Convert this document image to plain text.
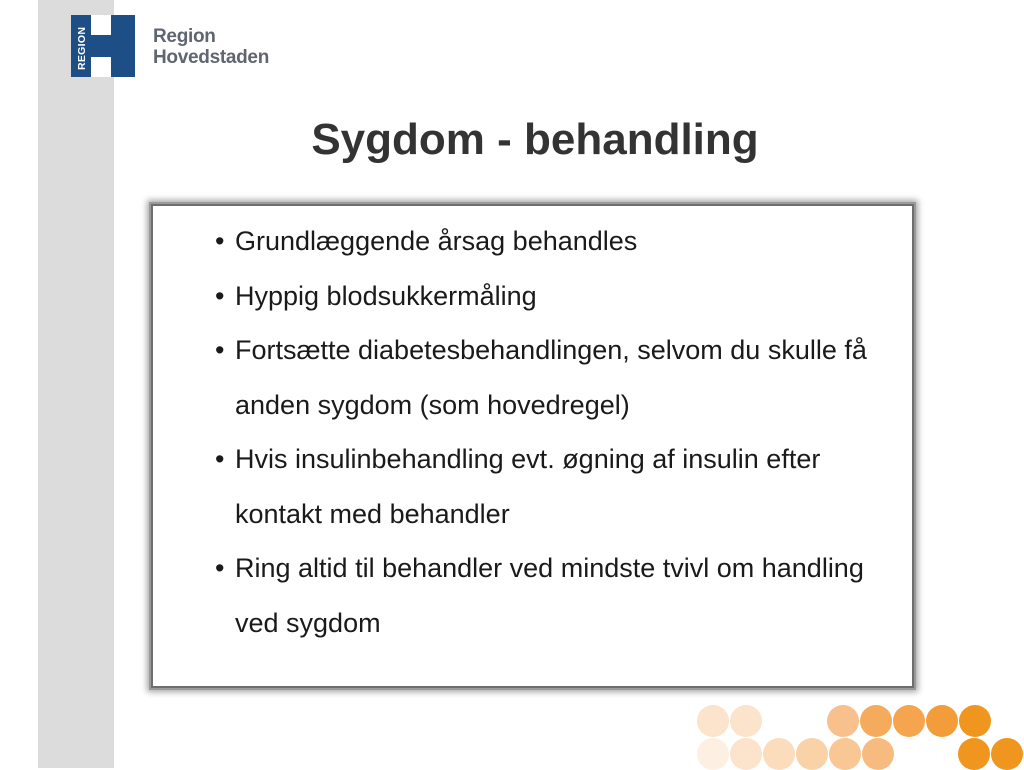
REGION	Region
Hovedstaden
Sygdom - behandling
• Grundlæggende årsag behandles
• Hyppig blodsukkermåling
• Fortsætte diabetesbehandlingen, selvom du skulle få anden sygdom (som hovedregel)
• Hvis insulinbehandling evt. øgning af insulin efter kontakt med behandler
• Ring altid til behandler ved mindste tvivl om handling ved sygdom
